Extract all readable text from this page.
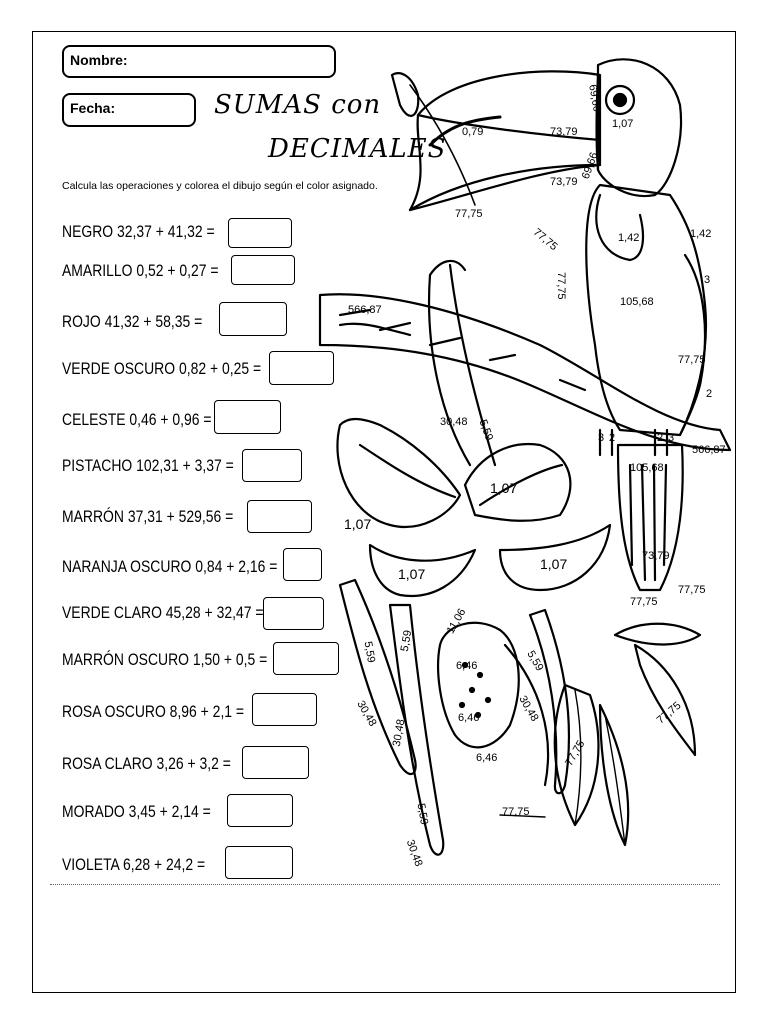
Nombre:
Fecha:	SUMAS con
DECIMALES
Calcula las operaciones y colorea el dibujo según el color asignado.
NEGRO 32,37 + 41,32 =
AMARILLO 0,52 + 0,27 =
ROJO 41,32 + 58,35 =
VERDE OSCURO 0,82 + 0,25 =
CELESTE 0,46 + 0,96 =
PISTACHO 102,31 + 3,37 =
MARRÓN 37,31 + 529,56 =
NARANJA OSCURO 0,84 + 2,16 =
VERDE CLARO 45,28 + 32,47 =
MARRÓN OSCURO 1,50 + 0,5 =
ROSA OSCURO 8,96 + 2,1 =
ROSA CLARO 3,26 + 3,2 =
MORADO 3,45 + 2,14 =
VIOLETA 6,28 + 24,2 =
0,79	73,79
73,79
77,75
1,07
69,66
69,66
1,42	1,42
105,68
3
77,75
2
566,87
566,87
77,75
77,75
3 2	2 3
105,68
73,79
30,48 5,59
1,07
1,07
1,07
1,07
11,06
6,46
6,46
6,46
5,59 5,59
5,59
30,48
30,48
30,48
5,59
30,48
77,75
77,75
77,75
77,75
77,75
